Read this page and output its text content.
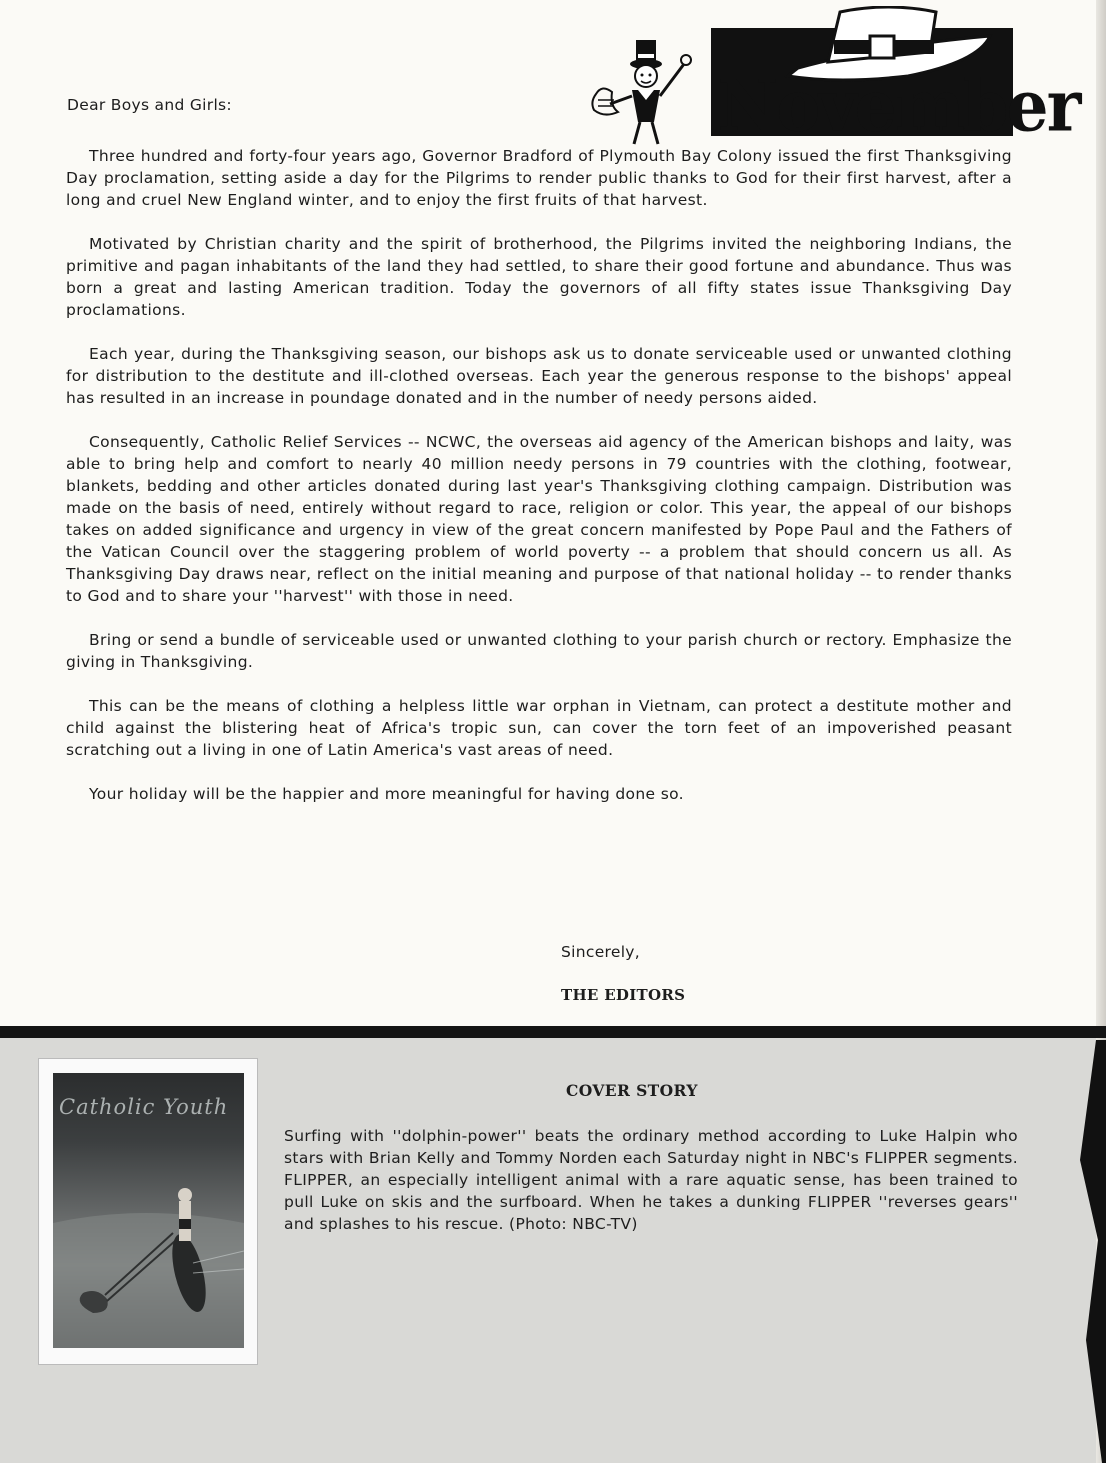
Dear Boys and Girls:	November

Three hundred and forty-four years ago, Governor Bradford of Plymouth Bay Colony issued the first Thanksgiving Day proclamation, setting aside a day for the Pilgrims to render public thanks to God for their first harvest, after a long and cruel New England winter, and to enjoy the first fruits of that harvest.

Motivated by Christian charity and the spirit of brotherhood, the Pilgrims invited the neighboring Indians, the primitive and pagan inhabitants of the land they had settled, to share their good fortune and abundance. Thus was born a great and lasting American tradition. Today the governors of all fifty states issue Thanksgiving Day proclamations.

Each year, during the Thanksgiving season, our bishops ask us to donate serviceable used or unwanted clothing for distribution to the destitute and ill-clothed overseas. Each year the generous response to the bishops' appeal has resulted in an increase in poundage donated and in the number of needy persons aided.

Consequently, Catholic Relief Services -- NCWC, the overseas aid agency of the American bishops and laity, was able to bring help and comfort to nearly 40 million needy persons in 79 countries with the clothing, footwear, blankets, bedding and other articles donated during last year's Thanksgiving clothing campaign. Distribution was made on the basis of need, entirely without regard to race, religion or color. This year, the appeal of our bishops takes on added significance and urgency in view of the great concern manifested by Pope Paul and the Fathers of the Vatican Council over the staggering problem of world poverty -- a problem that should concern us all. As Thanksgiving Day draws near, reflect on the initial meaning and purpose of that national holiday -- to render thanks to God and to share your ''harvest'' with those in need.

Bring or send a bundle of serviceable used or unwanted clothing to your parish church or rectory. Emphasize the giving in Thanksgiving.

This can be the means of clothing a helpless little war orphan in Vietnam, can protect a destitute mother and child against the blistering heat of Africa's tropic sun, can cover the torn feet of an impoverished peasant scratching out a living in one of Latin America's vast areas of need.

Your holiday will be the happier and more meaningful for having done so.

Sincerely,
THE EDITORS
Catholic Youth
COVER STORY
Surfing with ''dolphin-power'' beats the ordinary method according to Luke Halpin who stars with Brian Kelly and Tommy Norden each Saturday night in NBC's FLIPPER segments. FLIPPER, an especially intelligent animal with a rare aquatic sense, has been trained to pull Luke on skis and the surfboard. When he takes a dunking FLIPPER ''reverses gears'' and splashes to his rescue. (Photo: NBC-TV)
